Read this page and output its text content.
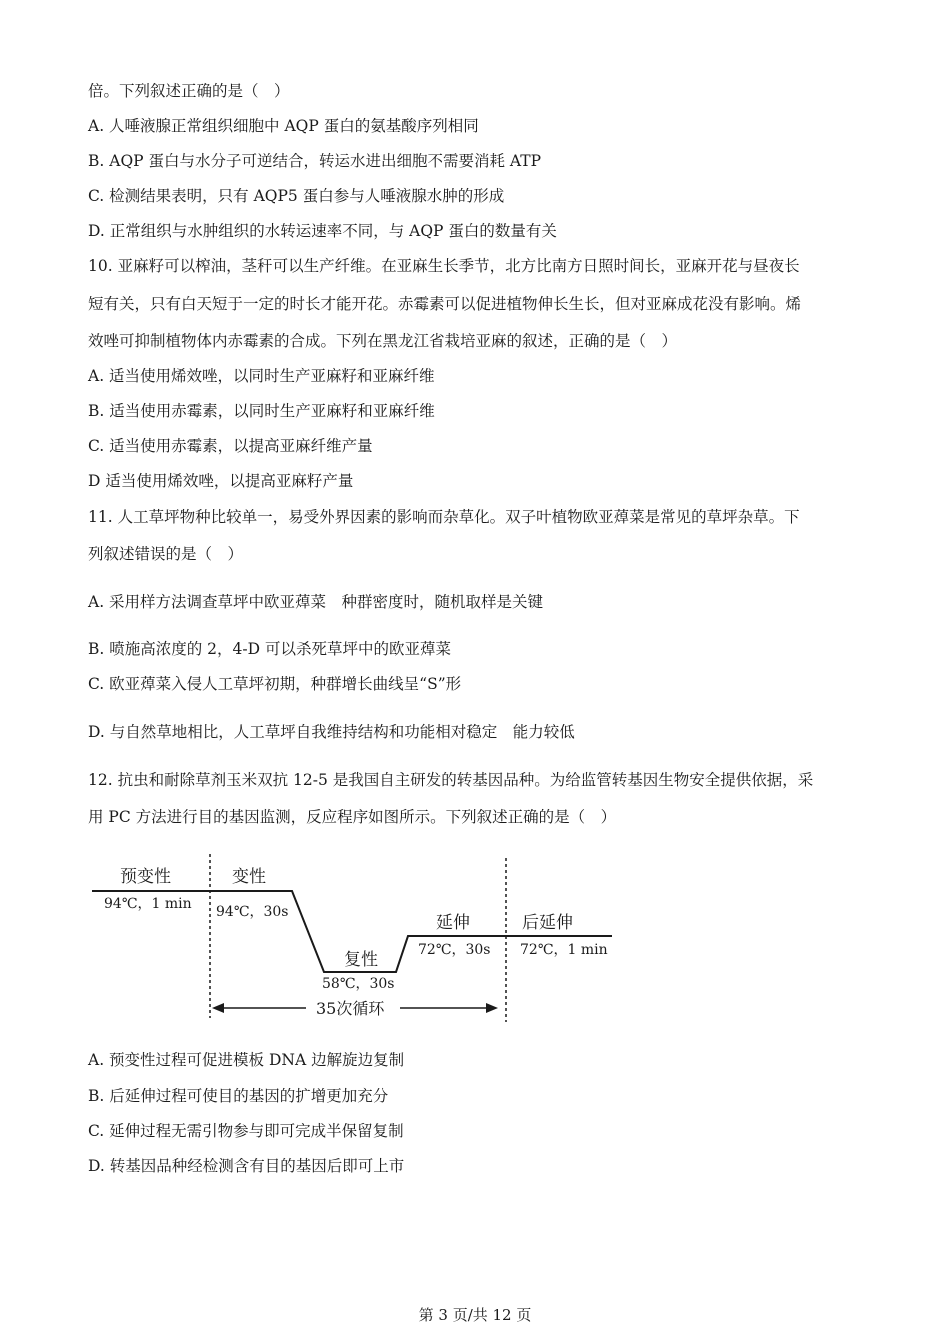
倍。下列叙述正确的是（　）
A. 人唾液腺正常组织细胞中 AQP 蛋白的氨基酸序列相同
B. AQP 蛋白与水分子可逆结合，转运水进出细胞不需要消耗 ATP
C. 检测结果表明，只有 AQP5 蛋白参与人唾液腺水肿的形成
D. 正常组织与水肿组织的水转运速率不同，与 AQP 蛋白的数量有关
10. 亚麻籽可以榨油，茎秆可以生产纤维。在亚麻生长季节，北方比南方日照时间长，亚麻开花与昼夜长
短有关，只有白天短于一定的时长才能开花。赤霉素可以促进植物伸长生长，但对亚麻成花没有影响。烯
效唑可抑制植物体内赤霉素的合成。下列在黑龙江省栽培亚麻的叙述，正确的是（　）
A. 适当使用烯效唑，以同时生产亚麻籽和亚麻纤维
B. 适当使用赤霉素，以同时生产亚麻籽和亚麻纤维
C. 适当使用赤霉素，以提高亚麻纤维产量
D 适当使用烯效唑，以提高亚麻籽产量
11. 人工草坪物种比较单一，易受外界因素的影响而杂草化。双子叶植物欧亚蔊菜是常见的草坪杂草。下
列叙述错误的是（　）
A. 采用样方法调查草坪中欧亚蔊菜　种群密度时，随机取样是关键
B. 喷施高浓度的 2，4-D 可以杀死草坪中的欧亚蔊菜
C. 欧亚蔊菜入侵人工草坪初期，种群增长曲线呈“S”形
D. 与自然草地相比，人工草坪自我维持结构和功能相对稳定　能力较低
12. 抗虫和耐除草剂玉米双抗 12-5 是我国自主研发的转基因品种。为给监管转基因生物安全提供依据，采
用 PC 方法进行目的基因监测，反应程序如图所示。下列叙述正确的是（　）
预变性
94℃，1 min
变性
94℃，30s
复性
58℃，30s
延伸
72℃，30s
后延伸
72℃，1 min
35次循环
A. 预变性过程可促进模板 DNA 边解旋边复制
B. 后延伸过程可使目的基因的扩增更加充分
C. 延伸过程无需引物参与即可完成半保留复制
D. 转基因品种经检测含有目的基因后即可上市
第 3 页/共 12 页
